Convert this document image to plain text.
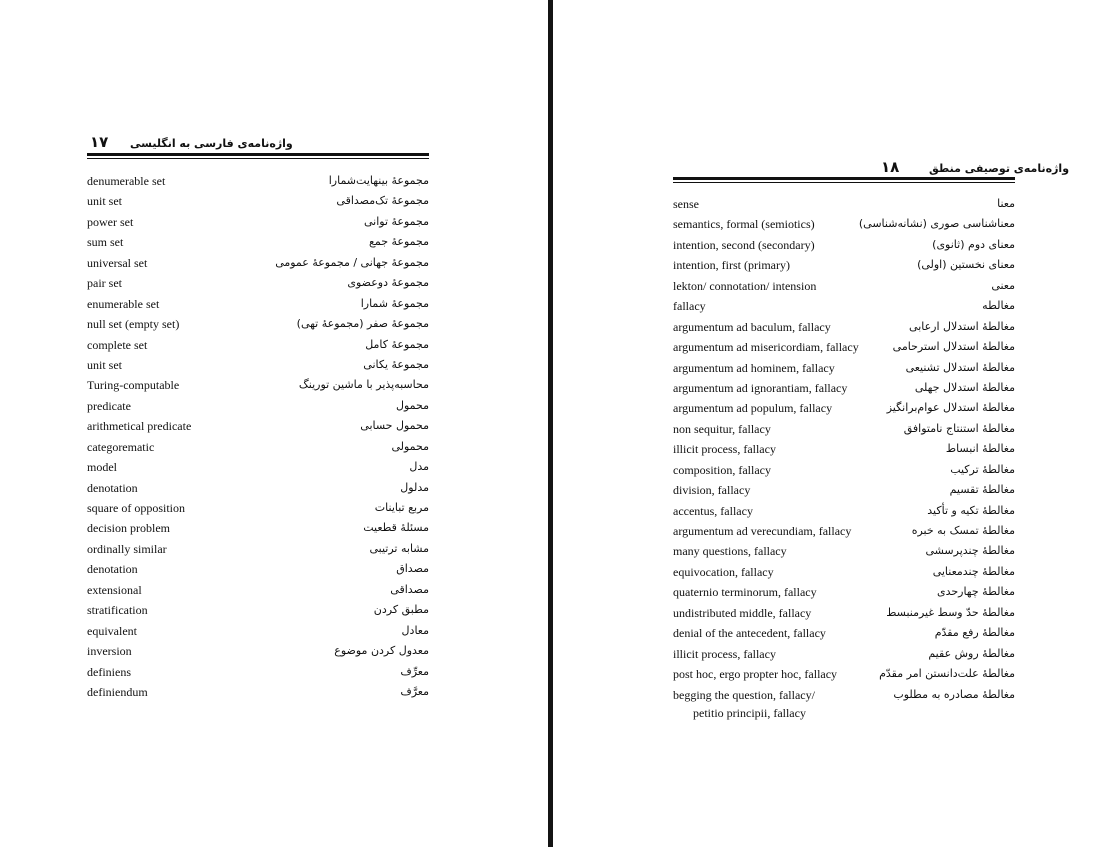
۱۷ واژه‌نامه‌ی فارسی به انگلیسی
denumerable set	مجموعهٔ بینهایت‌شمارا
unit set	مجموعهٔ تک‌مصداقی
power set	مجموعهٔ توانی
sum set	مجموعهٔ جمع
universal set	مجموعهٔ جهانی / مجموعهٔ عمومی
pair set	مجموعهٔ دوعضوی
enumerable set	مجموعهٔ شمارا
null set (empty set)	مجموعهٔ صفر (مجموعهٔ تهی)
complete set	مجموعهٔ کامل
unit set	مجموعهٔ یکانی
Turing-computable	محاسبه‌پذیر با ماشین تورینگ
predicate	محمول
arithmetical predicate	محمول حسابی
categorematic	محمولی
model	مدل
denotation	مدلول
square of opposition	مربع تباینات
decision problem	مسئلهٔ قطعیت
ordinally similar	مشابه ترتیبی
denotation	مصداق
extensional	مصداقی
stratification	مطبق کردن
equivalent	معادل
inversion	معدول کردن موضوع
definiens	معرِّف
definiendum	معرَّف
واژه‌نامه‌ی توصیفی منطق  ۱۸
sense	معنا
semantics, formal (semiotics)	معناشناسی صوری (نشانه‌شناسی)
intention, second (secondary)	معنای دوم (ثانوی)
intention, first (primary)	معنای نخستین (اولی)
lekton/ connotation/ intension	معنی
fallacy	مغالطه
argumentum ad baculum, fallacy	مغالطهٔ استدلال ارعابی
argumentum ad misericordiam, fallacy	مغالطهٔ استدلال استرحامی
argumentum ad hominem, fallacy	مغالطهٔ استدلال تشنیعی
argumentum ad ignorantiam, fallacy	مغالطهٔ استدلال جهلی
argumentum ad populum, fallacy	مغالطهٔ استدلال عوام‌برانگیز
non sequitur, fallacy	مغالطهٔ استنتاج نامتوافق
illicit process, fallacy	مغالطهٔ انبساط
composition, fallacy	مغالطهٔ ترکیب
division, fallacy	مغالطهٔ تقسیم
accentus, fallacy	مغالطهٔ تکیه و تأکید
argumentum ad verecundiam, fallacy	مغالطهٔ تمسک به خبره
many questions, fallacy	مغالطهٔ چندپرسشی
equivocation, fallacy	مغالطهٔ چندمعنایی
quaternio terminorum, fallacy	مغالطهٔ چهارحدی
undistributed middle, fallacy	مغالطهٔ حدّ وسط غیرمنبسط
denial of the antecedent, fallacy	مغالطهٔ رفع مقدّم
illicit process, fallacy	مغالطهٔ روش عقیم
post hoc, ergo propter hoc, fallacy	مغالطهٔ علت‌دانستن امر مقدّم
begging the question, fallacy/	مغالطهٔ مصادره به مطلوب
petitio principii, fallacy
